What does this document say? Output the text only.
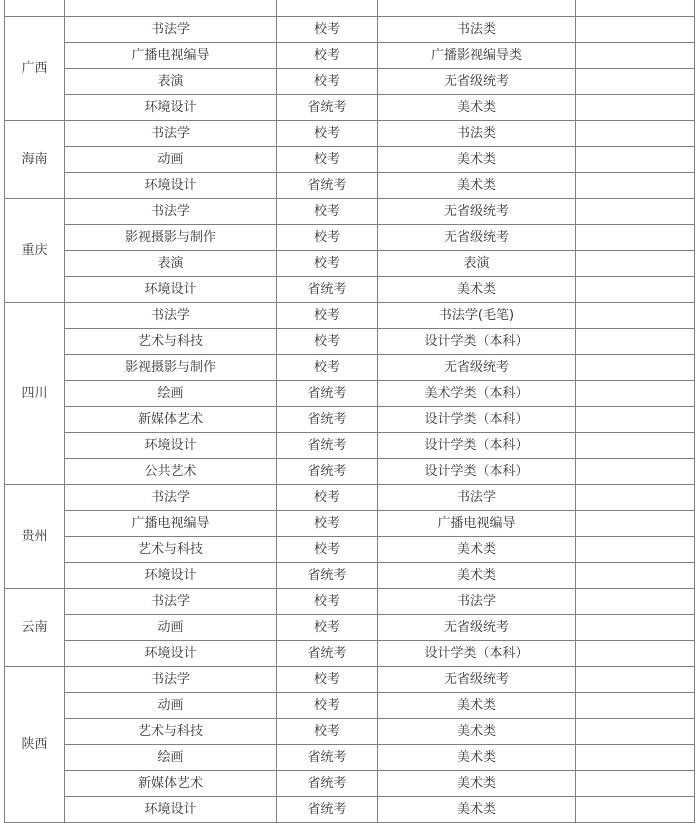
广西	书法学	校考	书法类	
	广播电视编导	校考	广播影视编导类	
	表演	校考	无省级统考	
	环境设计	省统考	美术类	
海南	书法学	校考	书法类	
	动画	校考	美术类	
	环境设计	省统考	美术类	
重庆	书法学	校考	无省级统考	
	影视摄影与制作	校考	无省级统考	
	表演	校考	表演	
	环境设计	省统考	美术类	
四川	书法学	校考	书法学(毛笔)	
	艺术与科技	校考	设计学类（本科）	
	影视摄影与制作	校考	无省级统考	
	绘画	省统考	美术学类（本科）	
	新媒体艺术	省统考	设计学类（本科）	
	环境设计	省统考	设计学类（本科）	
	公共艺术	省统考	设计学类（本科）	
贵州	书法学	校考	书法学	
	广播电视编导	校考	广播电视编导	
	艺术与科技	校考	美术类	
	环境设计	省统考	美术类	
云南	书法学	校考	书法学	
	动画	校考	无省级统考	
	环境设计	省统考	设计学类（本科）	
陕西	书法学	校考	无省级统考	
	动画	校考	美术类	
	艺术与科技	校考	美术类	
	绘画	省统考	美术类	
	新媒体艺术	省统考	美术类	
	环境设计	省统考	美术类	
